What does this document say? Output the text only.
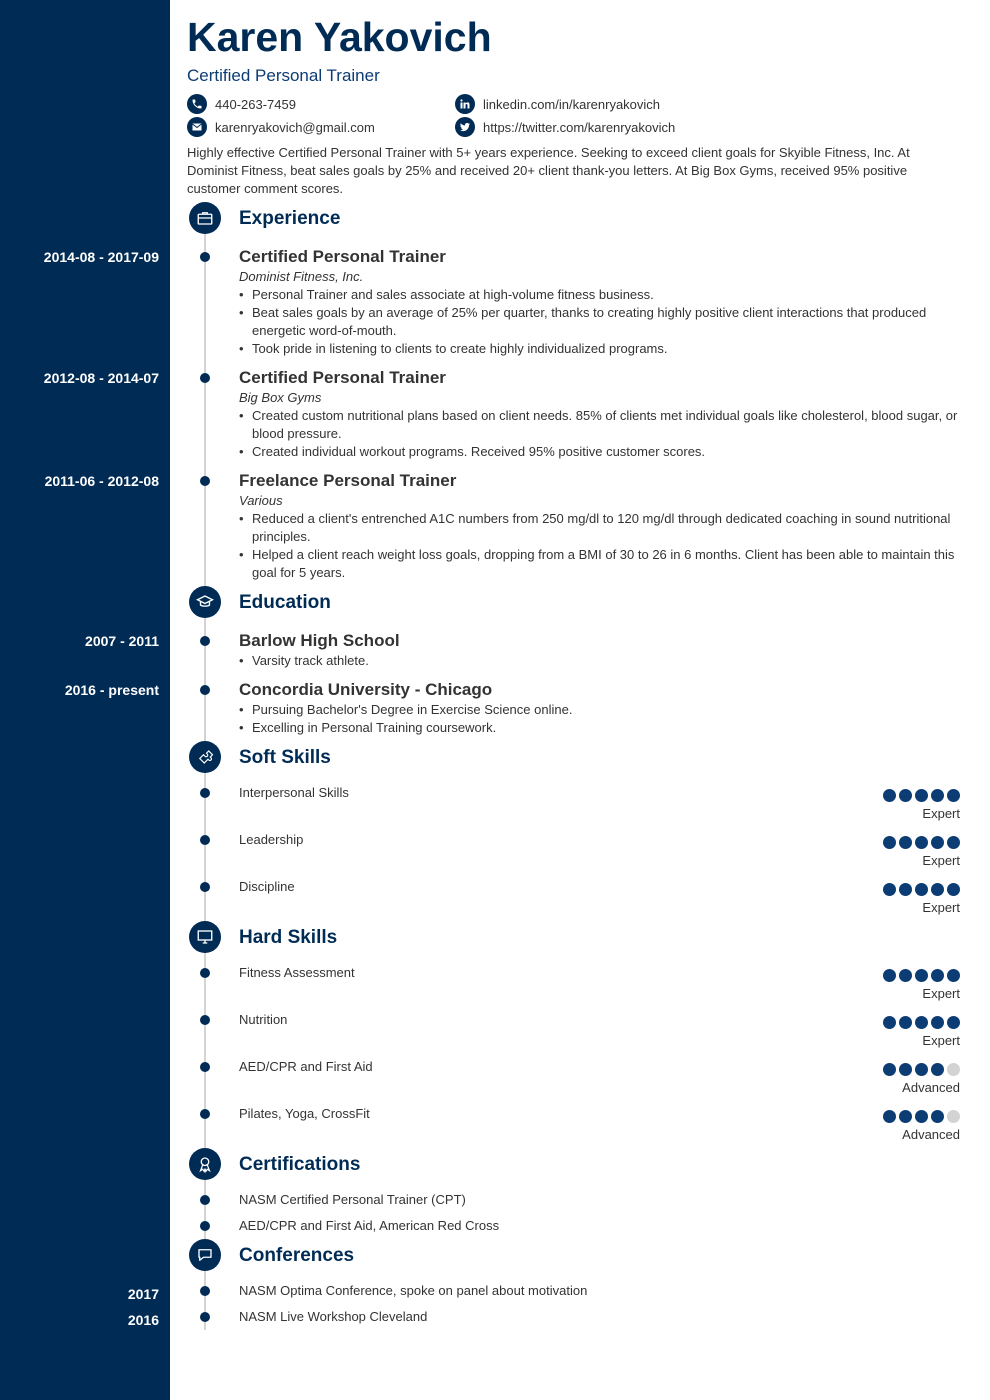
Karen Yakovich
Certified Personal Trainer
440-263-7459
karenryakovich@gmail.com
linkedin.com/in/karenryakovich
https://twitter.com/karenryakovich
Highly effective Certified Personal Trainer with 5+ years experience. Seeking to exceed client goals for Skyible Fitness, Inc. At Dominist Fitness, beat sales goals by 25% and received 20+ client thank-you letters. At Big Box Gyms, received 95% positive customer comment scores.
Experience
2014-08 - 2017-09	Certified Personal Trainer
Dominist Fitness, Inc.
• Personal Trainer and sales associate at high-volume fitness business.
• Beat sales goals by an average of 25% per quarter, thanks to creating highly positive client interactions that produced energetic word-of-mouth.
• Took pride in listening to clients to create highly individualized programs.
2012-08 - 2014-07	Certified Personal Trainer
Big Box Gyms
• Created custom nutritional plans based on client needs. 85% of clients met individual goals like cholesterol, blood sugar, or blood pressure.
• Created individual workout programs. Received 95% positive customer scores.
2011-06 - 2012-08	Freelance Personal Trainer
Various
• Reduced a client's entrenched A1C numbers from 250 mg/dl to 120 mg/dl through dedicated coaching in sound nutritional principles.
• Helped a client reach weight loss goals, dropping from a BMI of 30 to 26 in 6 months. Client has been able to maintain this goal for 5 years.
Education
2007 - 2011	Barlow High School
• Varsity track athlete.
2016 - present	Concordia University - Chicago
• Pursuing Bachelor's Degree in Exercise Science online.
• Excelling in Personal Training coursework.
Soft Skills
Interpersonal Skills
Expert
Leadership
Expert
Discipline
Expert
Hard Skills
Fitness Assessment
Expert
Nutrition
Expert
AED/CPR and First Aid
Advanced
Pilates, Yoga, CrossFit
Advanced
Certifications
NASM Certified Personal Trainer (CPT)
AED/CPR and First Aid, American Red Cross
Conferences
2017	NASM Optima Conference, spoke on panel about motivation
2016	NASM Live Workshop Cleveland
